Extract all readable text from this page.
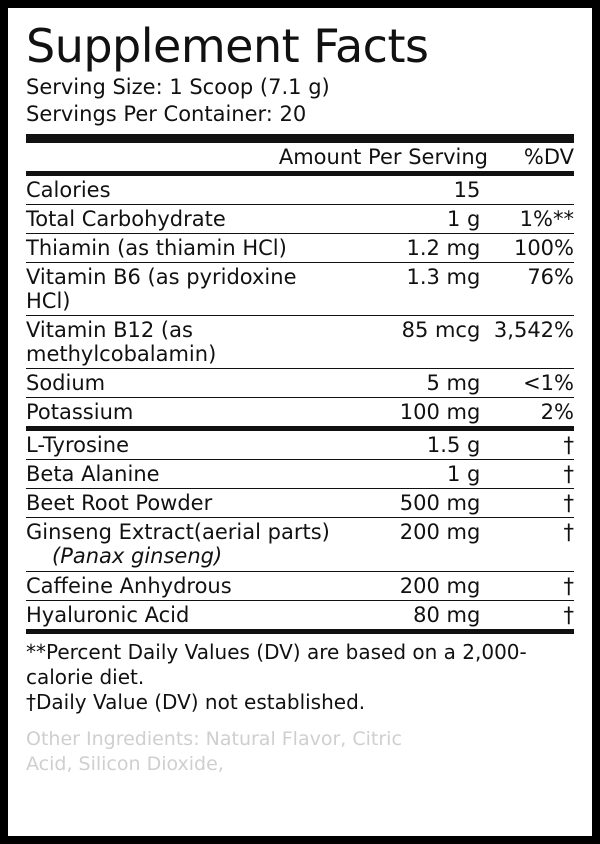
Supplement Facts
Serving Size: 1 Scoop (7.1 g)
Servings Per Container: 20
	Amount Per Serving	%DV
Calories	15	
Total Carbohydrate	1 g	1%**
Thiamin (as thiamin HCl)	1.2 mg	100%
Vitamin B6 (as pyridoxine HCl)	1.3 mg	76%
Vitamin B12 (as methylcobalamin)	85 mcg	3,542%
Sodium	5 mg	<1%
Potassium	100 mg	2%
L-Tyrosine	1.5 g	†
Beta Alanine	1 g	†
Beet Root Powder	500 mg	†
Ginseng Extract(aerial parts)
(Panax ginseng)	200 mg	†
Caffeine Anhydrous	200 mg	†
Hyaluronic Acid	80 mg	†

**Percent Daily Values (DV) are based on a 2,000-calorie diet.

†Daily Value (DV) not established.

Other Ingredients: Natural Flavor, Citric
Acid, Silicon Dioxide,
